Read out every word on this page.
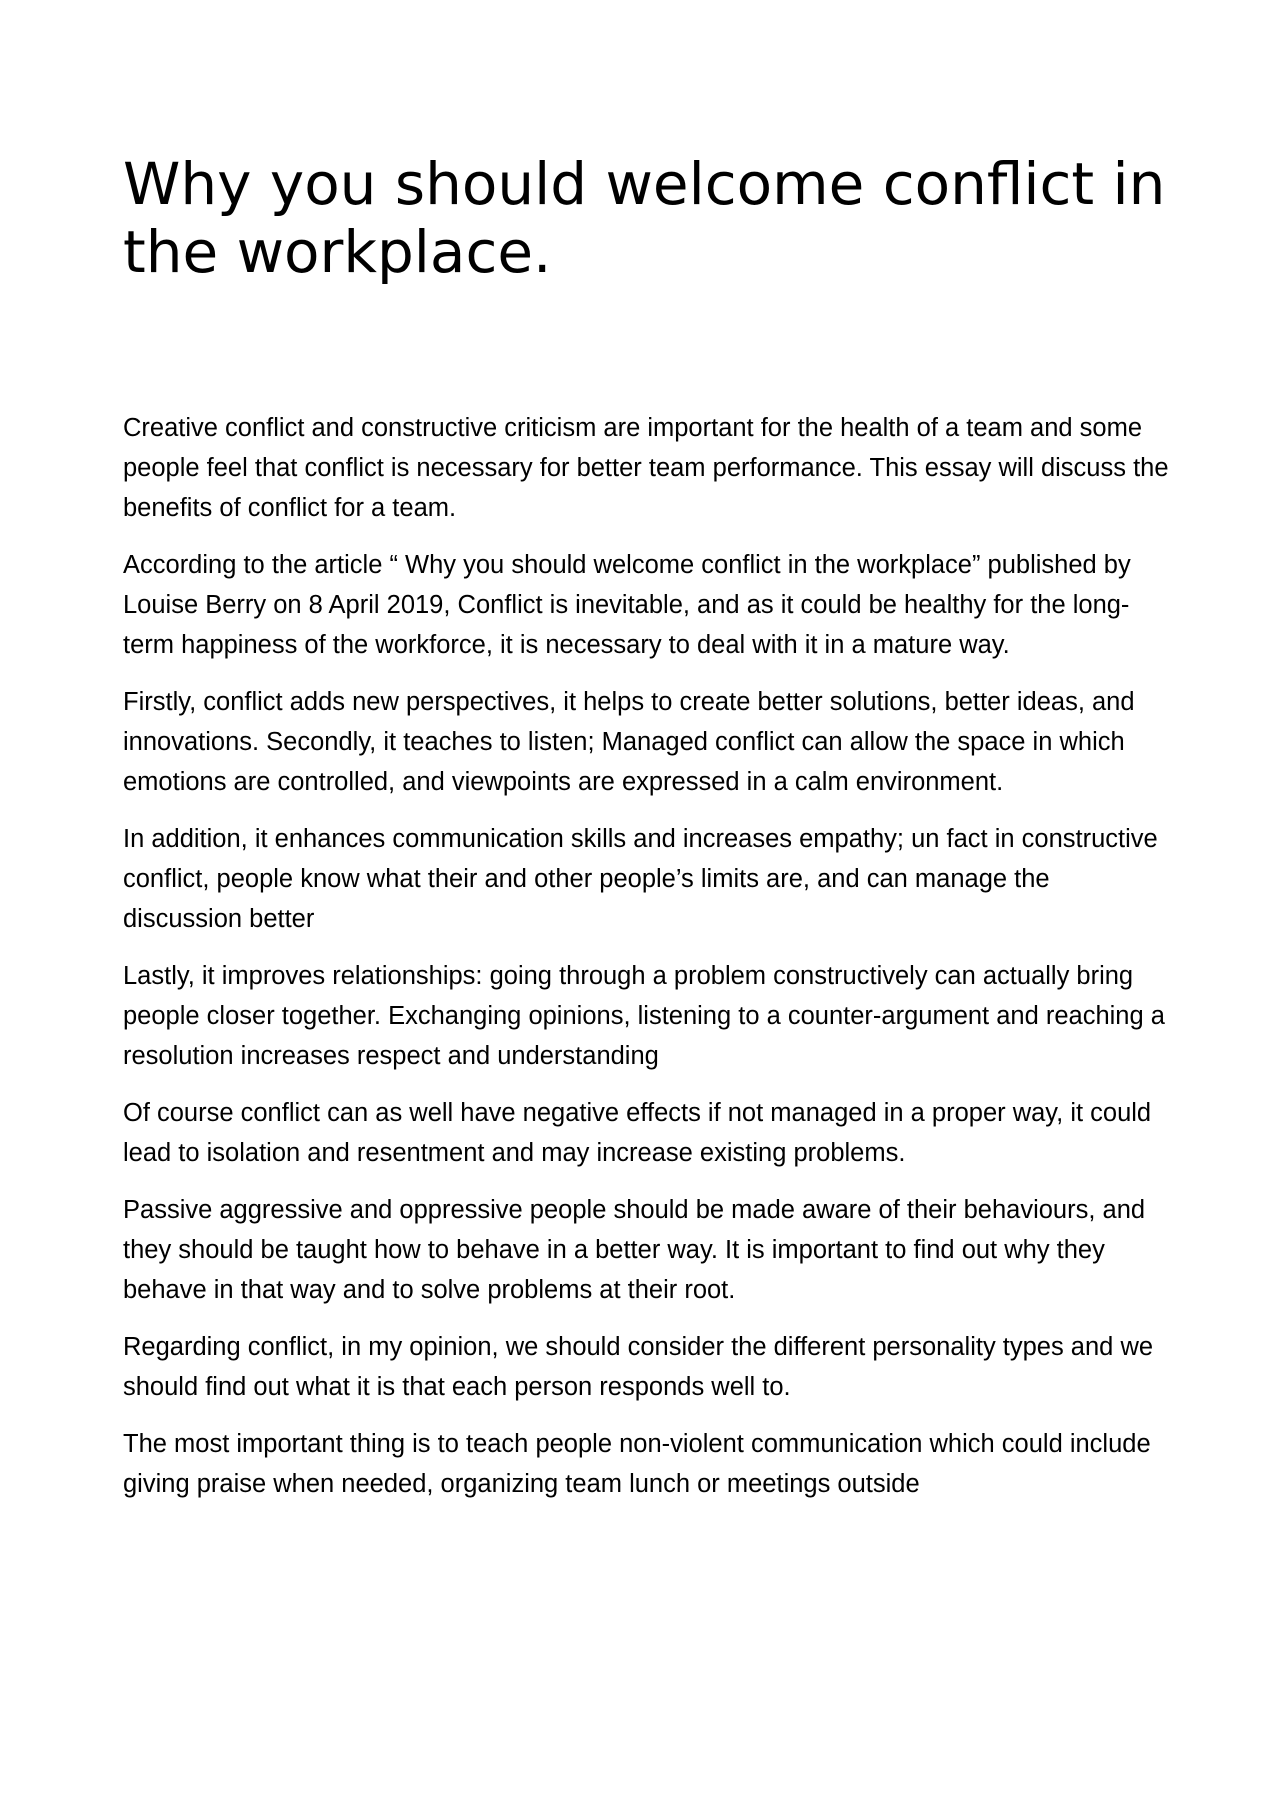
Why you should welcome conflict in the workplace.

Creative conflict and constructive criticism are important for the health of a team and some people feel that conflict is necessary for better team performance. This essay will discuss the benefits of conflict for a team.

According to the article “ Why you should welcome conflict in the workplace” published by Louise Berry on 8 April 2019, Conflict is inevitable, and as it could be healthy for the long-term happiness of the workforce, it is necessary to deal with it in a mature way.

Firstly, conflict adds new perspectives, it helps to create better solutions, better ideas, and innovations. Secondly, it teaches to listen; Managed conflict can allow the space in which emotions are controlled, and viewpoints are expressed in a calm environment.

In addition, it enhances communication skills and increases empathy; un fact in constructive conflict, people know what their and other people’s limits are, and can manage the discussion better

Lastly, it improves relationships: going through a problem constructively can actually bring people closer together. Exchanging opinions, listening to a counter-argument and reaching a resolution increases respect and understanding

Of course conflict can as well have negative effects if not managed in a proper way, it could lead to isolation and resentment and may increase existing problems.

Passive aggressive and oppressive people should be made aware of their behaviours, and they should be taught how to behave in a better way. It is important to find out why they behave in that way and to solve problems at their root.

Regarding conflict, in my opinion, we should consider the different personality types and we should find out what it is that each person responds well to.

The most important thing is to teach people non-violent communication which could include giving praise when needed, organizing team lunch or meetings outside
